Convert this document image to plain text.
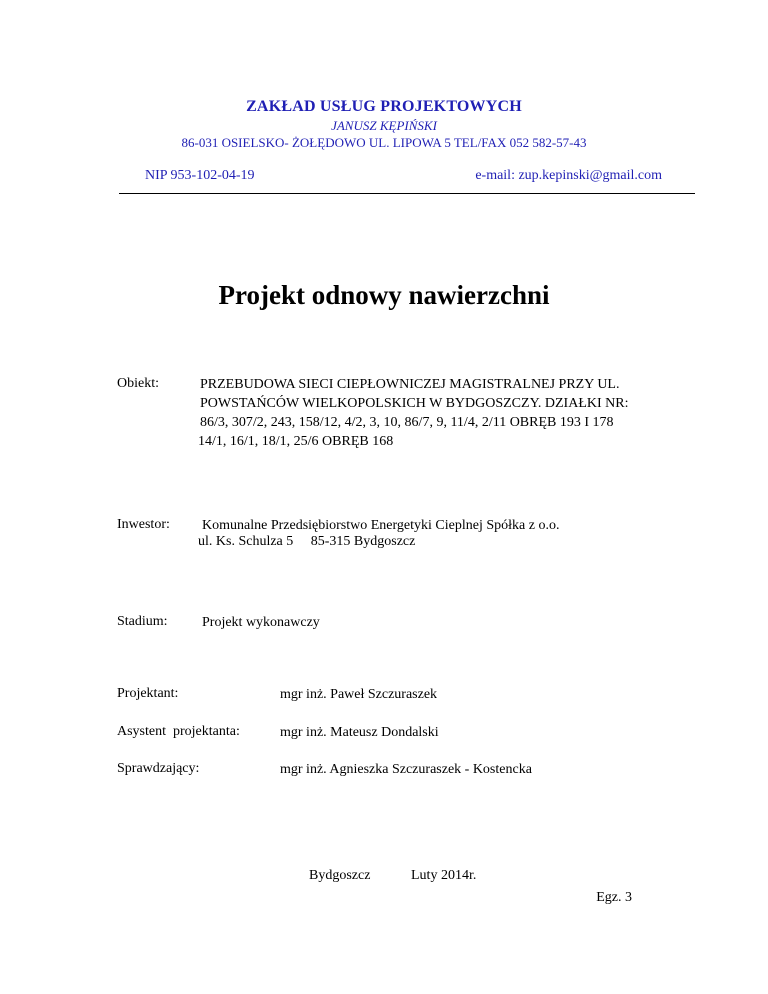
ZAKŁAD USŁUG PROJEKTOWYCH
JANUSZ KĘPIŃSKI
86-031 OSIELSKO- ŻOŁĘDOWO UL. LIPOWA 5 TEL/FAX 052 582-57-43
NIP 953-102-04-19	e-mail: zup.kepinski@gmail.com
Projekt odnowy nawierzchni
Obiekt:	PRZEBUDOWA SIECI CIEPŁOWNICZEJ MAGISTRALNEJ PRZY UL.
POWSTAŃCÓW WIELKOPOLSKICH W BYDGOSZCZY. DZIAŁKI NR:
86/3, 307/2, 243, 158/12, 4/2, 3, 10, 86/7, 9, 11/4, 2/11 OBRĘB 193 I 178
14/1, 16/1, 18/1, 25/6 OBRĘB 168
Inwestor: Komunalne Przedsiębiorstwo Energetyki Cieplnej Spółka z o.o.
ul. Ks. Schulza 5     85-315 Bydgoszcz
Stadium: Projekt wykonawczy
Projektant:	mgr inż. Paweł Szczuraszek
Asystent  projektanta:	mgr inż. Mateusz Dondalski
Sprawdzający:	mgr inż. Agnieszka Szczuraszek - Kostencka
Bydgoszcz	Luty 2014r.
Egz. 3
